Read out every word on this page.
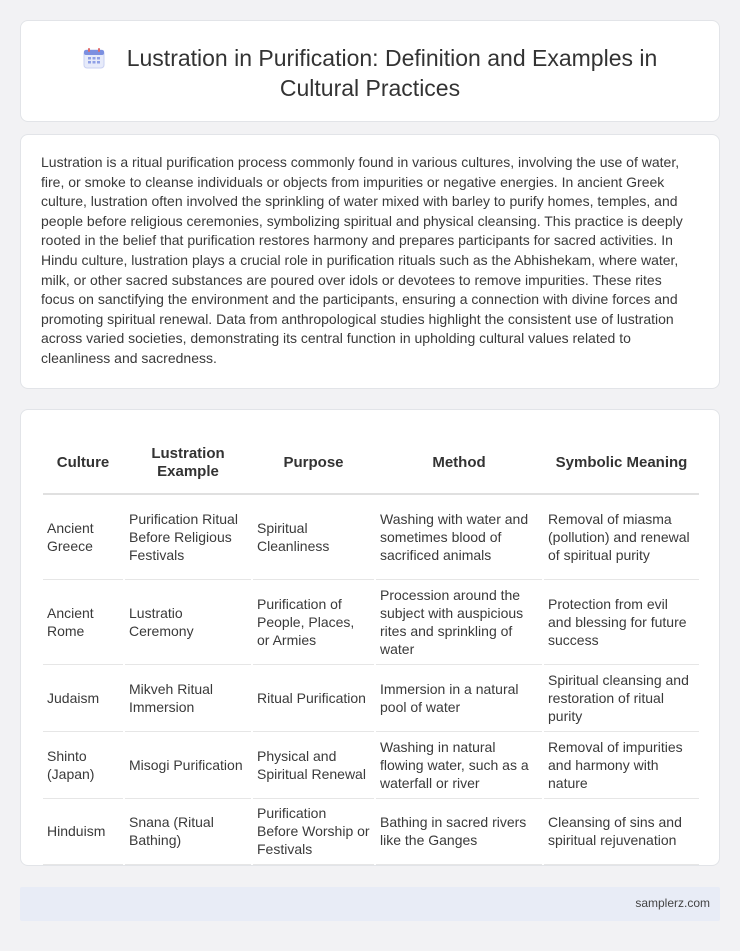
Lustration in Purification: Definition and Examples in Cultural Practices

Lustration is a ritual purification process commonly found in various cultures, involving the use of water, fire, or smoke to cleanse individuals or objects from impurities or negative energies. In ancient Greek culture, lustration often involved the sprinkling of water mixed with barley to purify homes, temples, and people before religious ceremonies, symbolizing spiritual and physical cleansing. This practice is deeply rooted in the belief that purification restores harmony and prepares participants for sacred activities. In Hindu culture, lustration plays a crucial role in purification rituals such as the Abhishekam, where water, milk, or other sacred substances are poured over idols or devotees to remove impurities. These rites focus on sanctifying the environment and the participants, ensuring a connection with divine forces and promoting spiritual renewal. Data from anthropological studies highlight the consistent use of lustration across varied societies, demonstrating its central function in upholding cultural values related to cleanliness and sacredness.

Culture	Lustration Example	Purpose	Method	Symbolic Meaning
Ancient Greece	Purification Ritual Before Religious Festivals	Spiritual Cleanliness	Washing with water and sometimes blood of sacrificed animals	Removal of miasma (pollution) and renewal of spiritual purity
Ancient Rome	Lustratio Ceremony	Purification of People, Places, or Armies	Procession around the subject with auspicious rites and sprinkling of water	Protection from evil and blessing for future success
Judaism	Mikveh Ritual Immersion	Ritual Purification	Immersion in a natural pool of water	Spiritual cleansing and restoration of ritual purity
Shinto (Japan)	Misogi Purification	Physical and Spiritual Renewal	Washing in natural flowing water, such as a waterfall or river	Removal of impurities and harmony with nature
Hinduism	Snana (Ritual Bathing)	Purification Before Worship or Festivals	Bathing in sacred rivers like the Ganges	Cleansing of sins and spiritual rejuvenation
samplerz.com
